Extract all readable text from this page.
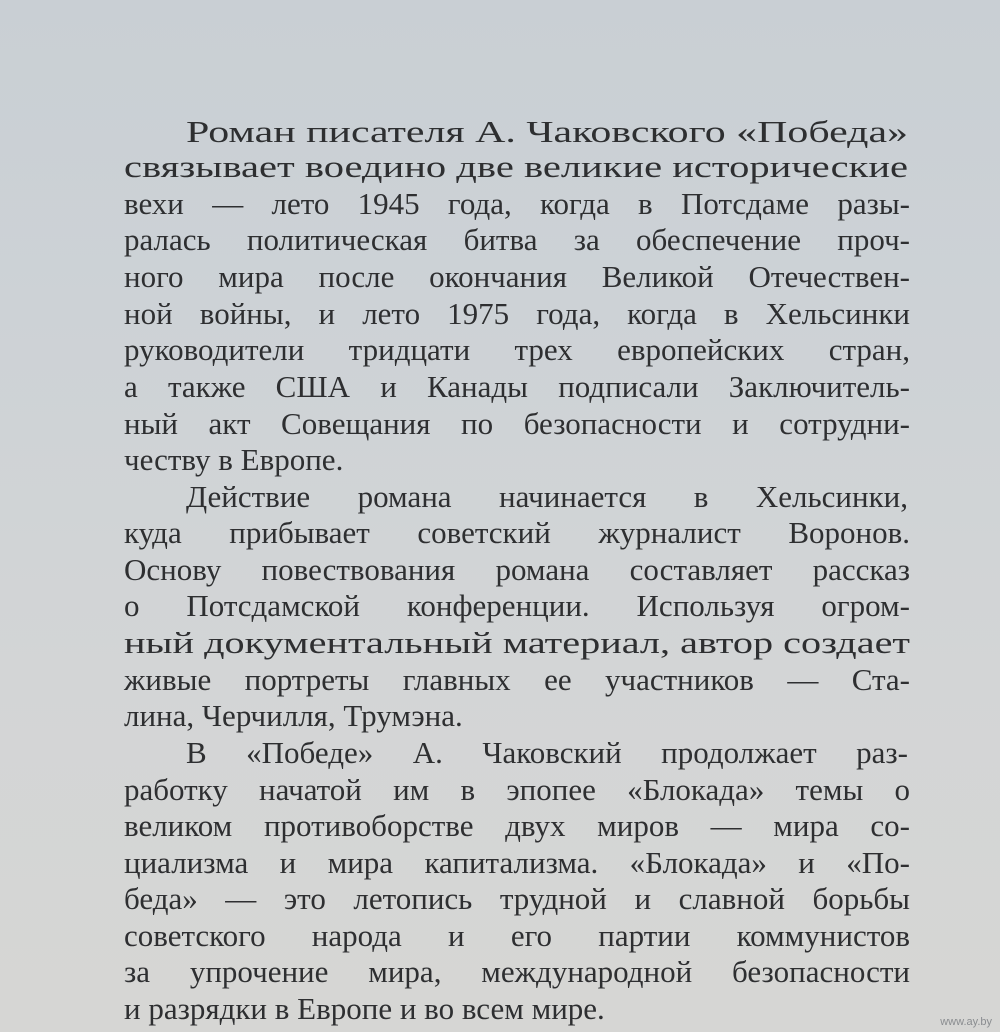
Роман писателя А. Чаковского «Победа»
связывает воедино две великие исторические
вехи — лето 1945 года, когда в Потсдаме разы-
ралась политическая битва за обеспечение проч-
ного мира после окончания Великой Отечествен-
ной войны, и лето 1975 года, когда в Хельсинки
руководители тридцати трех европейских стран,
а также США и Канады подписали Заключитель-
ный акт Совещания по безопасности и сотрудни-
честву в Европе.
Действие романа начинается в Хельсинки,
куда прибывает советский журналист Воронов.
Основу повествования романа составляет рассказ
о Потсдамской конференции. Используя огром-
ный документальный материал, автор создает
живые портреты главных ее участников — Ста-
лина, Черчилля, Трумэна.
В «Победе» А. Чаковский продолжает раз-
работку начатой им в эпопее «Блокада» темы о
великом противоборстве двух миров — мира со-
циализма и мира капитализма. «Блокада» и «По-
беда» — это летопись трудной и славной борьбы
советского народа и его партии коммунистов
за упрочение мира, международной безопасности
и разрядки в Европе и во всем мире.	www.ay.by
